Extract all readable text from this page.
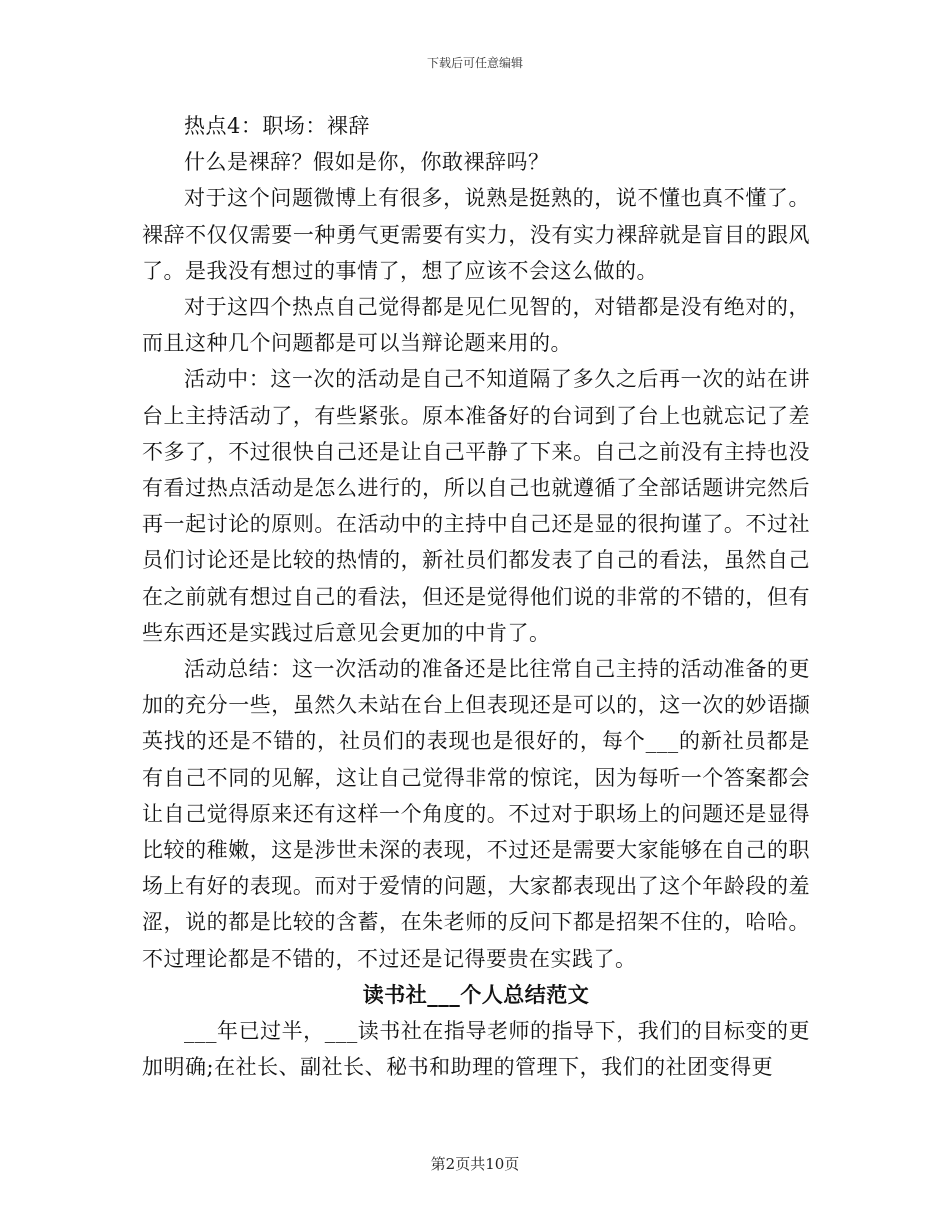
下载后可任意编辑

热点4：职场：裸辞

什么是裸辞？假如是你，你敢裸辞吗？

对于这个问题微博上有很多，说熟是挺熟的，说不懂也真不懂了。裸辞不仅仅需要一种勇气更需要有实力，没有实力裸辞就是盲目的跟风了。是我没有想过的事情了，想了应该不会这么做的。

对于这四个热点自己觉得都是见仁见智的，对错都是没有绝对的，而且这种几个问题都是可以当辩论题来用的。

活动中：这一次的活动是自己不知道隔了多久之后再一次的站在讲台上主持活动了，有些紧张。原本准备好的台词到了台上也就忘记了差不多了，不过很快自己还是让自己平静了下来。自己之前没有主持也没有看过热点活动是怎么进行的，所以自己也就遵循了全部话题讲完然后再一起讨论的原则。在活动中的主持中自己还是显的很拘谨了。不过社员们讨论还是比较的热情的，新社员们都发表了自己的看法，虽然自己在之前就有想过自己的看法，但还是觉得他们说的非常的不错的，但有些东西还是实践过后意见会更加的中肯了。

活动总结：这一次活动的准备还是比往常自己主持的活动准备的更加的充分一些，虽然久未站在台上但表现还是可以的，这一次的妙语撷英找的还是不错的，社员们的表现也是很好的，每个___的新社员都是有自己不同的见解，这让自己觉得非常的惊诧，因为每听一个答案都会让自己觉得原来还有这样一个角度的。不过对于职场上的问题还是显得比较的稚嫩，这是涉世未深的表现，不过还是需要大家能够在自己的职场上有好的表现。而对于爱情的问题，大家都表现出了这个年龄段的羞涩，说的都是比较的含蓄，在朱老师的反问下都是招架不住的，哈哈。不过理论都是不错的，不过还是记得要贵在实践了。

读书社___个人总结范文

___年已过半，___读书社在指导老师的指导下，我们的目标变的更加明确;在社长、副社长、秘书和助理的管理下，我们的社团变得更

第2页共10页
